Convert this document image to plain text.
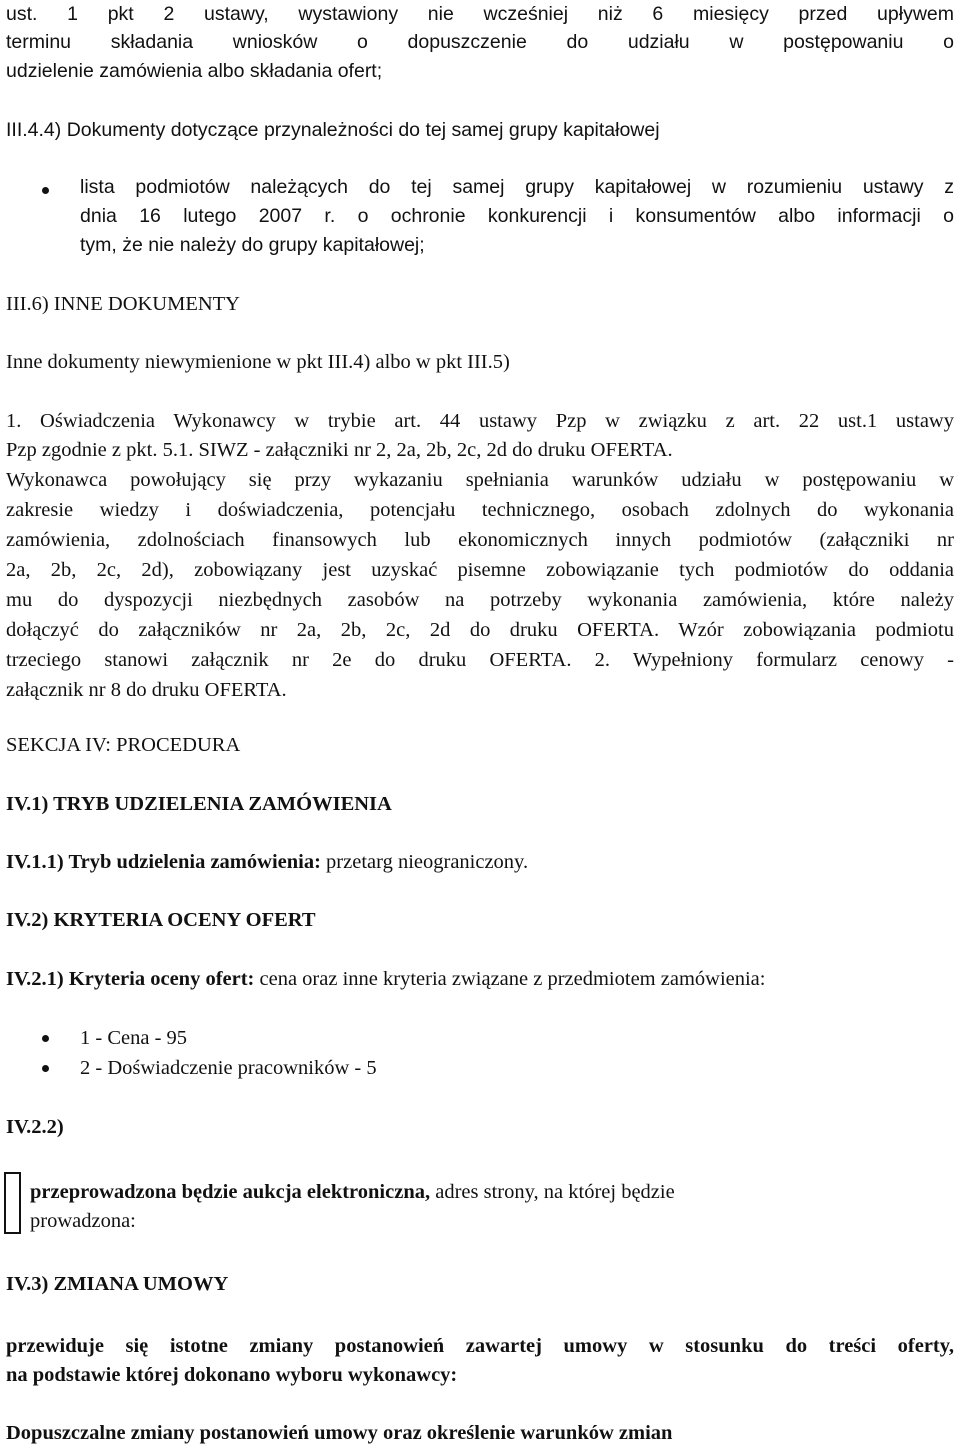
ust. 1 pkt 2 ustawy, wystawiony nie wcześniej niż 6 miesięcy przed upływem
terminu składania wniosków o dopuszczenie do udziału w postępowaniu o
udzielenie zamówienia albo składania ofert;
III.4.4) Dokumenty dotyczące przynależności do tej samej grupy kapitałowej
lista podmiotów należących do tej samej grupy kapitałowej w rozumieniu ustawy z
dnia 16 lutego 2007 r. o ochronie konkurencji i konsumentów albo informacji o
tym, że nie należy do grupy kapitałowej;
III.6) INNE DOKUMENTY
Inne dokumenty niewymienione w pkt III.4) albo w pkt III.5)
1. Oświadczenia Wykonawcy w trybie art. 44 ustawy Pzp w związku z art. 22 ust.1 ustawy
Pzp zgodnie z pkt. 5.1. SIWZ - załączniki nr 2, 2a, 2b, 2c, 2d do druku OFERTA.
Wykonawca powołujący się przy wykazaniu spełniania warunków udziału w postępowaniu w
zakresie wiedzy i doświadczenia, potencjału technicznego, osobach zdolnych do wykonania
zamówienia, zdolnościach finansowych lub ekonomicznych innych podmiotów (załączniki nr
2a, 2b, 2c, 2d), zobowiązany jest uzyskać pisemne zobowiązanie tych podmiotów do oddania
mu do dyspozycji niezbędnych zasobów na potrzeby wykonania zamówienia, które należy
dołączyć do załączników nr 2a, 2b, 2c, 2d do druku OFERTA. Wzór zobowiązania podmiotu
trzeciego stanowi załącznik nr 2e do druku OFERTA. 2. Wypełniony formularz cenowy -
załącznik nr 8 do druku OFERTA.
SEKCJA IV: PROCEDURA
IV.1) TRYB UDZIELENIA ZAMÓWIENIA
IV.1.1) Tryb udzielenia zamówienia: przetarg nieograniczony.
IV.2) KRYTERIA OCENY OFERT
IV.2.1) Kryteria oceny ofert: cena oraz inne kryteria związane z przedmiotem zamówienia:
1 - Cena - 95
2 - Doświadczenie pracowników - 5
IV.2.2)
przeprowadzona będzie aukcja elektroniczna, adres strony, na której będzie
prowadzona:
IV.3) ZMIANA UMOWY
przewiduje się istotne zmiany postanowień zawartej umowy w stosunku do treści oferty,
na podstawie której dokonano wyboru wykonawcy:
Dopuszczalne zmiany postanowień umowy oraz określenie warunków zmian
